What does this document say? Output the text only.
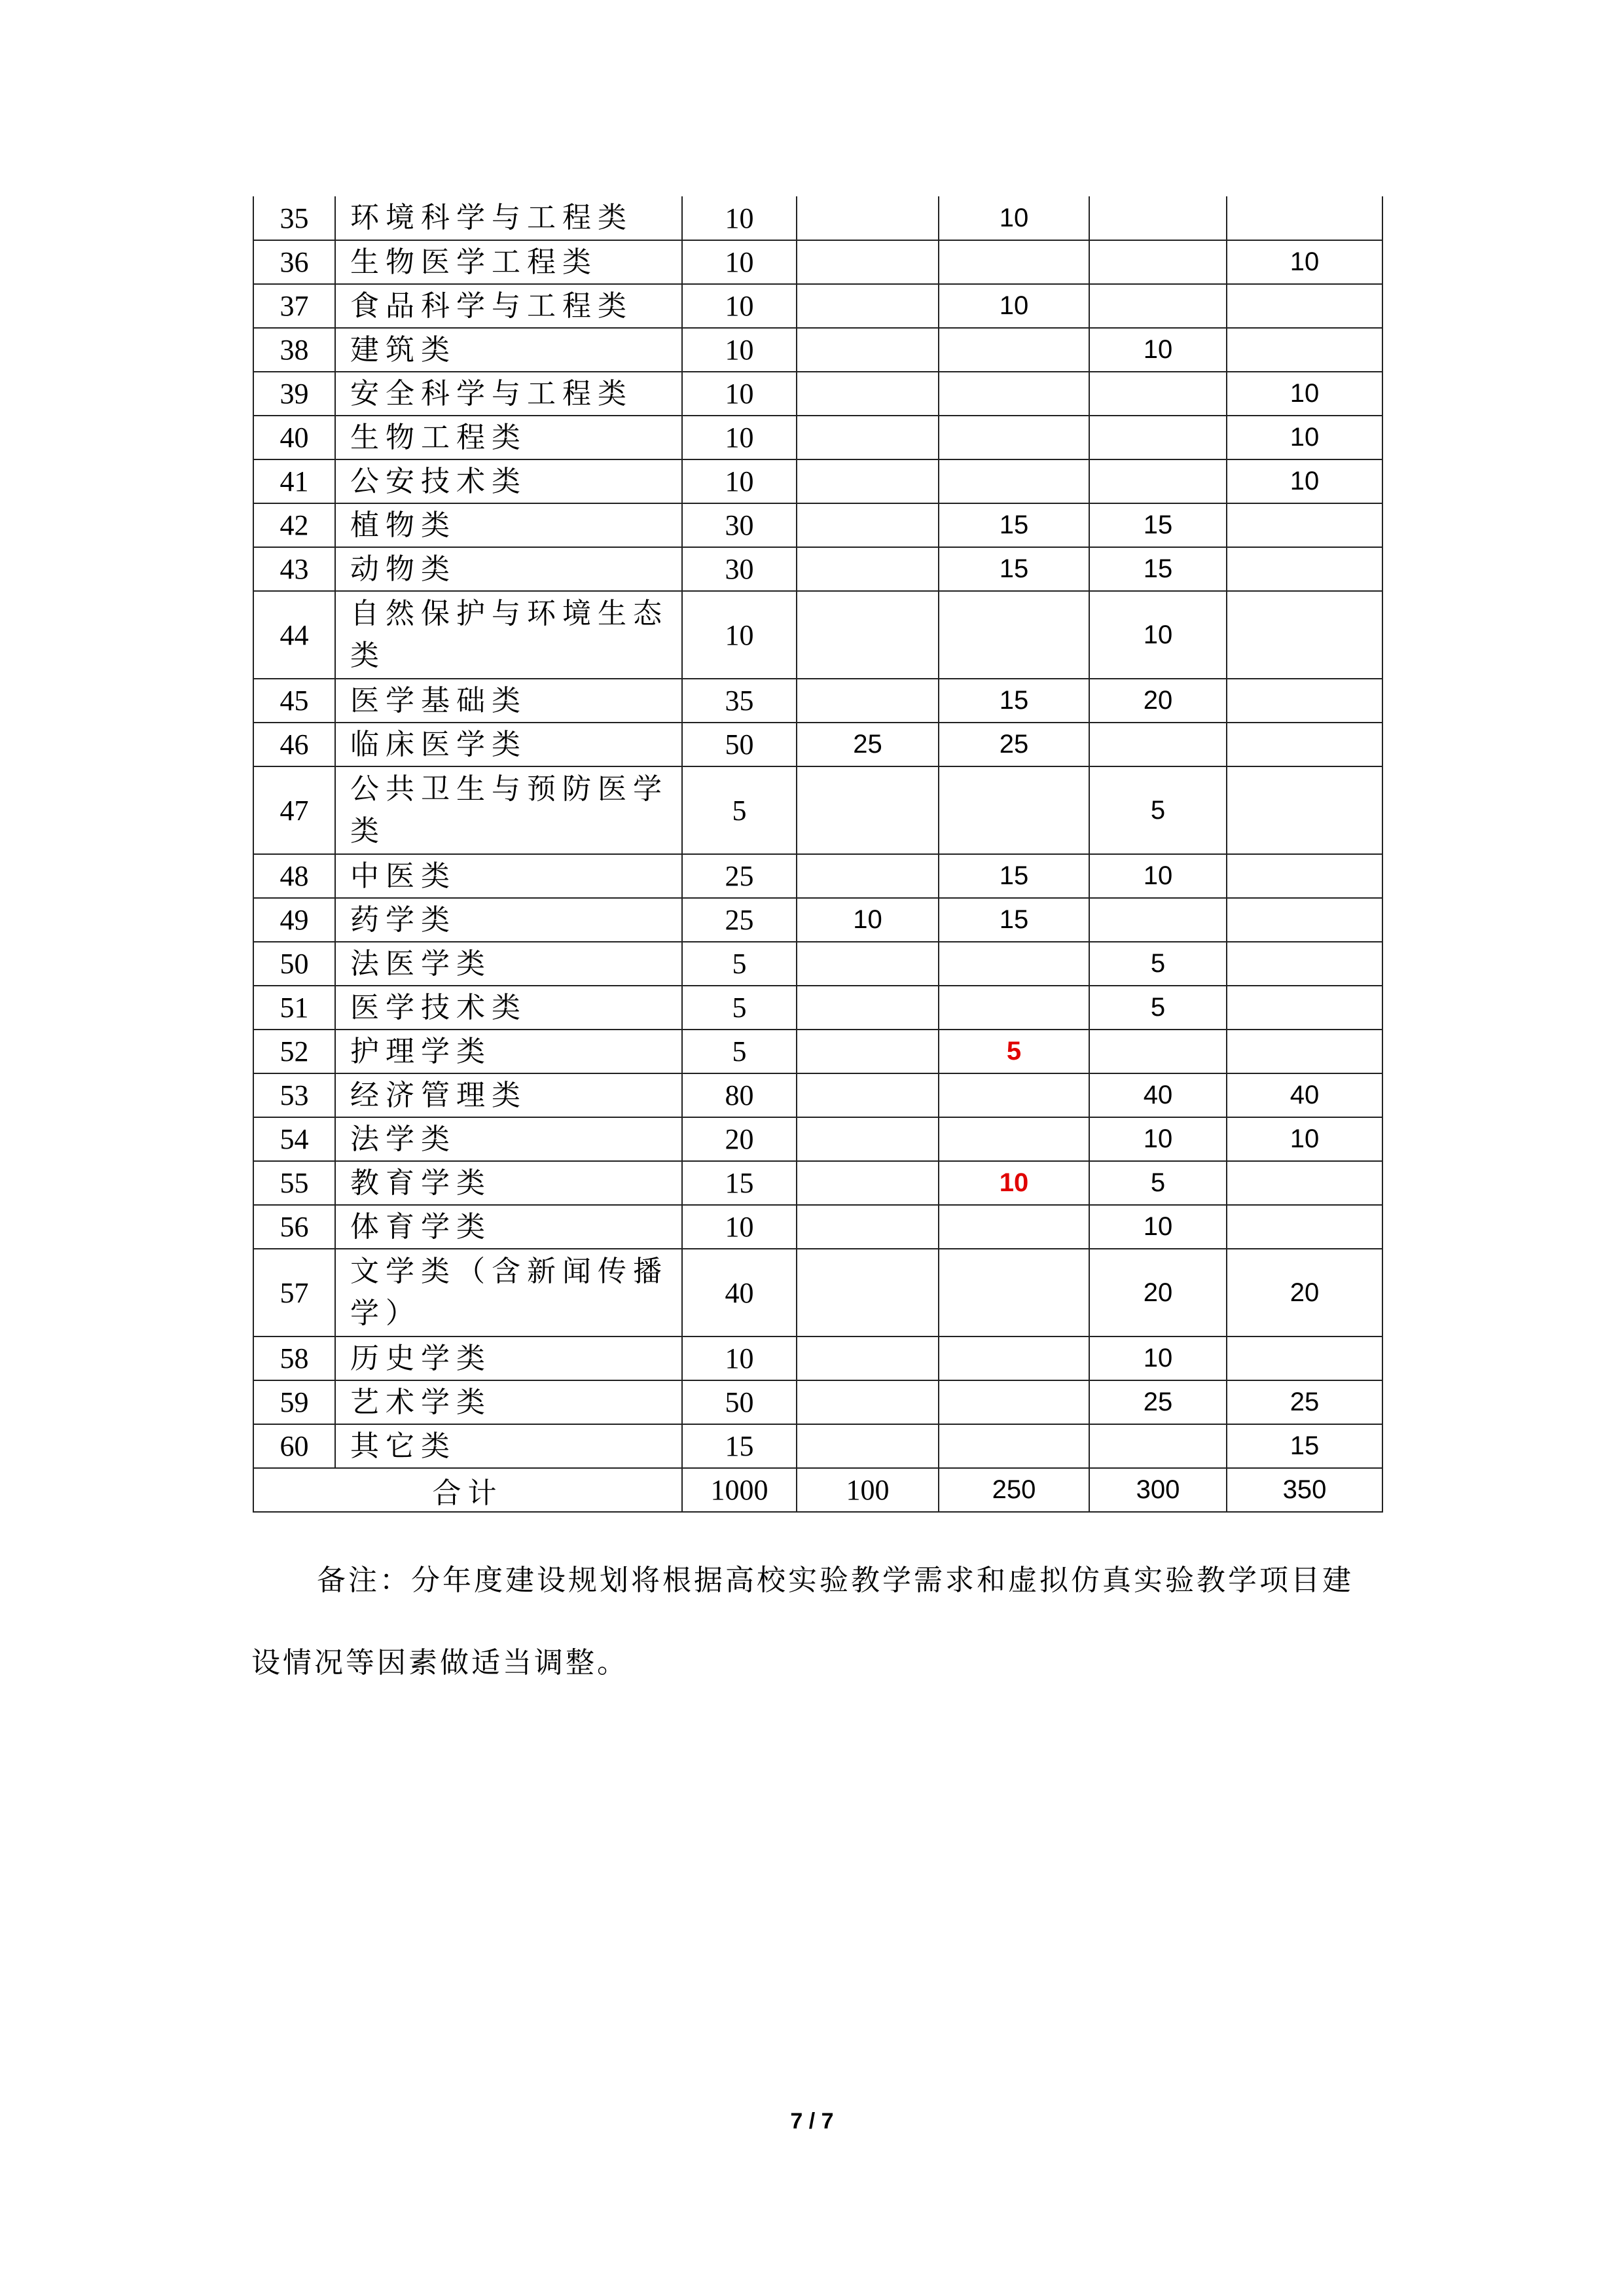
35	环境科学与工程类	10		10		
36	生物医学工程类	10				10
37	食品科学与工程类	10		10		
38	建筑类	10			10	
39	安全科学与工程类	10				10
40	生物工程类	10				10
41	公安技术类	10				10
42	植物类	30		15	15	
43	动物类	30		15	15	
44	自然保护与环境生态类	10			10	
45	医学基础类	35		15	20	
46	临床医学类	50	25	25		
47	公共卫生与预防医学类	5			5	
48	中医类	25		15	10	
49	药学类	25	10	15		
50	法医学类	5			5	
51	医学技术类	5			5	
52	护理学类	5		5		
53	经济管理类	80			40	40
54	法学类	20			10	10
55	教育学类	15		10	5	
56	体育学类	10			10	
57	文学类（含新闻传播学）	40			20	20
58	历史学类	10			10	
59	艺术学类	50			25	25
60	其它类	15				15
合计		1000	100	250	300	350

备注：分年度建设规划将根据高校实验教学需求和虚拟仿真实验教学项目建设情况等因素做适当调整。

7 / 7
